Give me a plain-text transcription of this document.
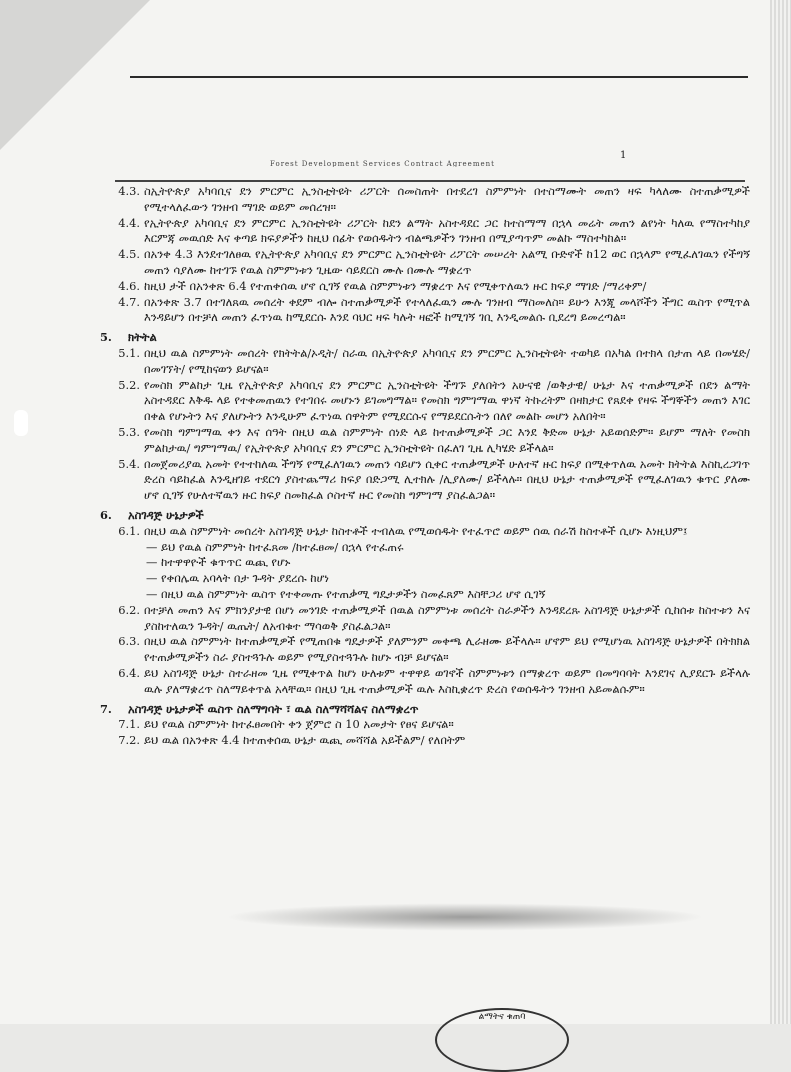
1
Forest Development Services Contract Agreement
4.3. ስኢትዮጵያ አካባቢና ደን ምርምር ኢንስቲትዩት ሪፖርት ሰመስጠት በተደረገ ስምምነት በተስማሙት መጠን ዛፍ ካላለሙ ስተጠቃሚዎች የሚተላለፈውን ገንዘብ ማገድ ወይም መሰረዝ።
4.4. የኢትዮጵያ አካባቢና ደን ምርምር ኢንስቲትዩት ሪፖርት ከደን ልማት አስተዳደር ጋር ከተስማማ በኋላ መሬት መጠን ልየነት ካለዉ የማስተካከያ እርምጃ መዉሰድ እና ቀጣይ ክፍያዎችን ከዚህ በፊት የወሰዱትን ብልጫዎችን ገንዘብ በሚያጣጥም መልኩ ማስተካከል።
4.5. በአንቀ 4.3 እንደተገለፀዉ የኢትዮጵያ አካባቢና ደን ምርምር ኢንስቲትዩት ሪፖርት መሠረት አልሚ ቡድኖች ከ12 ወር በኋላም የሚፈለገዉን የችግኝ መጠን ሳያለሙ ከተገኙ የዉል ስምምነቱን ጊዜው ሳይደርስ ሙሉ በሙሉ ማቋረጥ
4.6. ከዚህ ታች በአንቀጽ 6.4 የተጠቀሰዉ ሆኖ ሲገኝ የዉል ስምምነቱን ማቋረጥ እና የሚቀጥለዉን ዙር ክፍያ ማገድ /ማሪቀም/
4.7. በአንቀጽ 3.7 በተገለጸዉ መሰረት ቀደም ብሎ ስተጠቃሚዎች የተላለፈዉን ሙሉ ገንዘብ ማስመለስ። ይሁን እንጂ መላሾችን ችግር ዉስጥ የሚጥል እንዳይሆን በተቻለ መጠን ፈጥነዉ ከሚደርሱ እንደ ባህር ዛፍ ካሉት ዛፎች ከሚገኝ ገቢ እንዲመልሱ ቢደረግ ይመረጣል።
5. ክትትል
5.1. በዚህ ዉል ስምምነት መሰረት የክትትል/ኦዲት/ ስራዉ በኢትዮጵያ አካባቢና ደን ምርምር ኢንስቲትዩት ተወካይ በአካል በተክላ በታጠ ላይ በመሄድ/ በመገኘት/ የሚከናወን ይሆናል።
5.2. የመስክ ምልከታ ጊዜ የኢትዮጵያ አካባቢና ደን ምርምር ኢንስቲትዩት ችግኙ ያለበትን አሁናዊ /ወቅታዊ/ ሁኔታ እና ተጠቃሚዎች በደን ልማት አስተዳደር እቅዱ ላይ የተቀመጠዉን የተገበሩ መሆኑን ይገመግማል። የመስክ ግምገማዉ ዋነኛ ትኩረትም በዛክታር የጸደቀ የዛፍ ችግኞችን መጠን እገር በቀል የሆኑትን እና ያለሆኑትን እንዲሁም ፈጥነዉ ሰዋትም የሚደርሱና የማይደርሱትን በለየ መልኩ መሆን አለበት።
5.3. የመስክ ግምገማዉ ቀን እና ሰዓት በዚህ ዉል ስምምነት ሰነድ ላይ ከተጠቃሚዎች ጋር እንደ ቅድመ ሁኔታ አይወሰድም። ይሆም ማለት የመስክ ምልከታዉ/ ግምገማዉ/ የኢትዮጵያ አካባቢና ደን ምርምር ኢንስቲትዩት በፈለገ ጊዜ ሊካሄድ ይችላል።
5.4. በመጀመሪያዉ አመት የተተከለዉ ችግኝ የሚፈለገዉን መጠን ሳይሆን ሲቀር ተጠቃሚዎች ሁለተኛ ዙር ክፍያ በሚቀጥለዉ አመት ክትትል እስኪረጋገጥ ድረስ ሳይከፈል እንዲዘገይ ተደርጎ ያስተጨማሪ ክፍያ በድጋሚ ሊተክሉ /ሊያለሙ/ ይችላሉ። በዚህ ሁኔታ ተጠቃሚዎች የሚፈለገዉን ቁጥር ያለሙ ሆኖ ሲገኝ የሁለተኛዉን ዙር ክፍያ ስመክፈል ሶስተኛ ዙር የመስክ ግምገማ ያስፈልጋል።
6. አስገዳጅ ሁኔታዎች
6.1. በዚህ ዉል ስምምነት መሰረት አስገዳጅ ሁኔታ ከስተቶች ተብለዉ የሚወሰዱት የተፈጥሮ ወይም ሰዉ ሰራሽ ከስተቶች ሲሆኑ እነዚህም፤
— ይህ የዉል ስምምነት ከተፈጸመ /ከተፈፀመ/ በኋላ የተፈጠሩ
— ከተዋዋዮች ቁጥጥር ዉጪ የሆኑ
— የቀበሌዉ አባላት በታ ጉዳት ያደረሱ ከሆነ
— በዚህ ዉል ስምምነት ዉስጥ የተቀመጡ የተጠቃሚ ግዴታዎችን ስመፈጸም እስቸጋሪ ሆኖ ሲገኝ
6.2. በተቻለ መጠን እና ምክንያታዊ በሆነ መንገድ ተጠቃሚዎች በዉል ስምምነቱ መሰረት ስራዎችን እንዳደረጹ አስገዳጅ ሁኔታዎች ሲከሰቱ ከስተቱን እና ያስከተለዉን ጉዳት/ ዉጤት/ ለአብቁተ ማሳወቅ ያስፈልጋል።
6.3. በዚህ ዉል ስምምነት ከተጠቃሚዎች የሚጠበቁ ግዴታዎች ያለምንም መቀጫ ሊራዘሙ ይችላሉ። ሆኖም ይህ የሚሆነዉ አስገዳጅ ሁኔታዎች በትክክል የተጠቃሚዎችን ስራ ያስተጓጉሉ ወይም የሚያስተጓጉሉ ከሆኑ ብቻ ይሆናል።
6.4. ይህ አስገዳጅ ሁኔታ ስተራዘመ ጊዜ የሚቀጥል ከሆነ ሁለቱም ተዋዋይ ወገኖች ስምምነቱን በማቋረጥ ወይም በመግባባት እንደገና ሊያደርጉ ይችላሉ ዉሉ ያለማቋረጥ ስለማይቀጥል አላቸዉ። በዚህ ጊዜ ተጠቃሚዎች ዉሉ እስኪቋረጥ ድረስ የወሰዱትን ገንዘብ አይመልሱም።
7. አስገዳጅ ሁኔታዎች ዉስጥ ስለማግባት ፣ ዉል ስለማሻሻልና ስለማቋረጥ
7.1. ይህ የዉል ስምምነት ከተፈፀመበት ቀን ጀምሮ ስ 10 አመታት የፀና ይሆናል።
7.2. ይህ ዉል በአንቀጽ 4.4 ከተጠቀሰዉ ሁኔታ ዉጪ መሻሻል አይችልም/ የለበትም
ልማትና ቁጠባ
